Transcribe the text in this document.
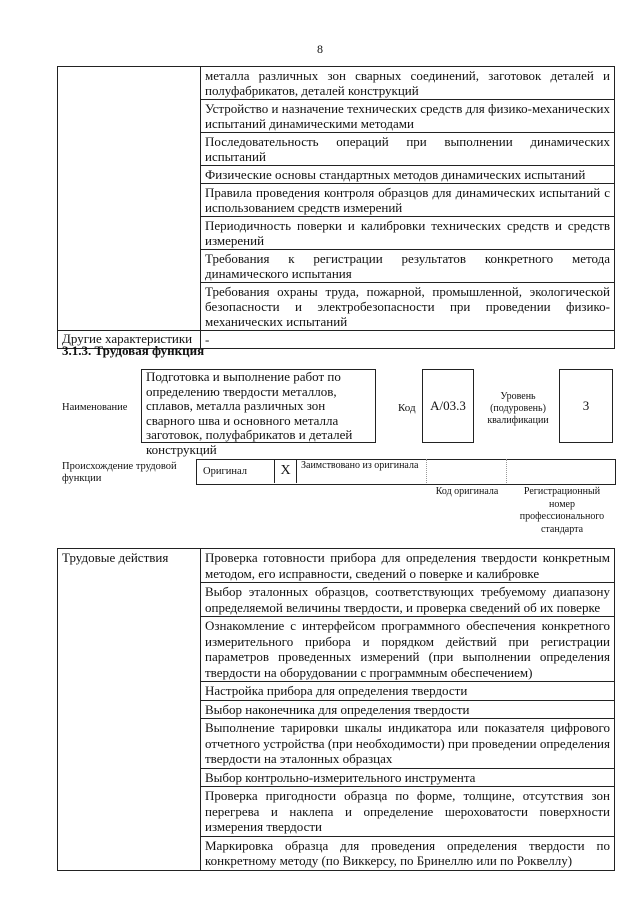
8
	металла различных зон сварных соединений, заготовок деталей и полуфабрикатов, деталей конструкций
	Устройство и назначение технических средств для физико-механических испытаний динамическими методами
	Последовательность операций при выполнении динамических испытаний
	Физические основы стандартных методов динамических испытаний
	Правила проведения контроля образцов для динамических испытаний с использованием средств измерений
	Периодичность поверки и калибровки технических средств и средств измерений
	Требования к регистрации результатов конкретного метода динамического испытания
	Требования охраны труда, пожарной, промышленной, экологической безопасности и электробезопасности при проведении физико-механических испытаний
Другие характеристики	-
3.1.3. Трудовая функция
Наименование
Подготовка и выполнение работ по определению твердости металлов, сплавов, металла различных зон сварного шва и основного металла заготовок, полуфабрикатов и деталей конструкций
Код	A/03.3
Уровень (подуровень) квалификации
3
Происхождение трудовой функции
Оригинал	X	Заимствовано из оригинала
Код оригинала	Регистрационный номер профессионального стандарта
Трудовые действия	Проверка готовности прибора для определения твердости конкретным методом, его исправности, сведений о поверке и калибровке
Выбор эталонных образцов, соответствующих требуемому диапазону определяемой величины твердости, и проверка сведений об их поверке
Ознакомление с интерфейсом программного обеспечения конкретного измерительного прибора и порядком действий при регистрации параметров проведенных измерений (при выполнении определения твердости на оборудовании с программным обеспечением)
Настройка прибора для определения твердости
Выбор наконечника для определения твердости
Выполнение тарировки шкалы индикатора или показателя цифрового отчетного устройства (при необходимости) при проведении определения твердости на эталонных образцах
Выбор контрольно-измерительного инструмента
Проверка пригодности образца по форме, толщине, отсутствия зон перегрева и наклепа и определение шероховатости поверхности измерения твердости
Маркировка образца для проведения определения твердости по конкретному методу (по Виккерсу, по Бринеллю или по Роквеллу)
